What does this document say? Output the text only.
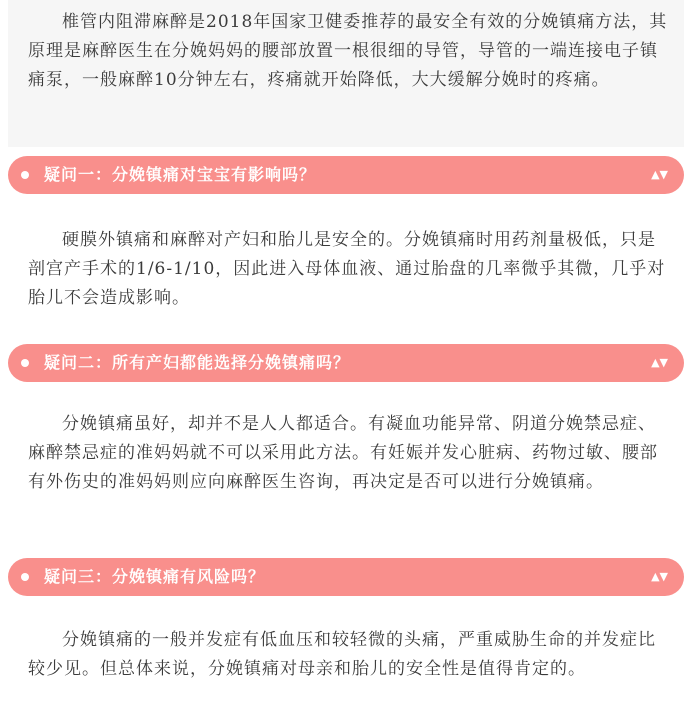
椎管内阻滞麻醉是2018年国家卫健委推荐的最安全有效的分娩镇痛方法，其原理是麻醉医生在分娩妈妈的腰部放置一根很细的导管，导管的一端连接电子镇痛泵，一般麻醉10分钟左右，疼痛就开始降低，大大缓解分娩时的疼痛。

疑问一：分娩镇痛对宝宝有影响吗？	▲▼

硬膜外镇痛和麻醉对产妇和胎儿是安全的。分娩镇痛时用药剂量极低，只是剖宫产手术的1/6-1/10，因此进入母体血液、通过胎盘的几率微乎其微，几乎对胎儿不会造成影响。

疑问二：所有产妇都能选择分娩镇痛吗？	▲▼

分娩镇痛虽好，却并不是人人都适合。有凝血功能异常、阴道分娩禁忌症、麻醉禁忌症的准妈妈就不可以采用此方法。有妊娠并发心脏病、药物过敏、腰部有外伤史的准妈妈则应向麻醉医生咨询，再决定是否可以进行分娩镇痛。

疑问三：分娩镇痛有风险吗？	▲▼

分娩镇痛的一般并发症有低血压和较轻微的头痛，严重威胁生命的并发症比较少见。但总体来说，分娩镇痛对母亲和胎儿的安全性是值得肯定的。
